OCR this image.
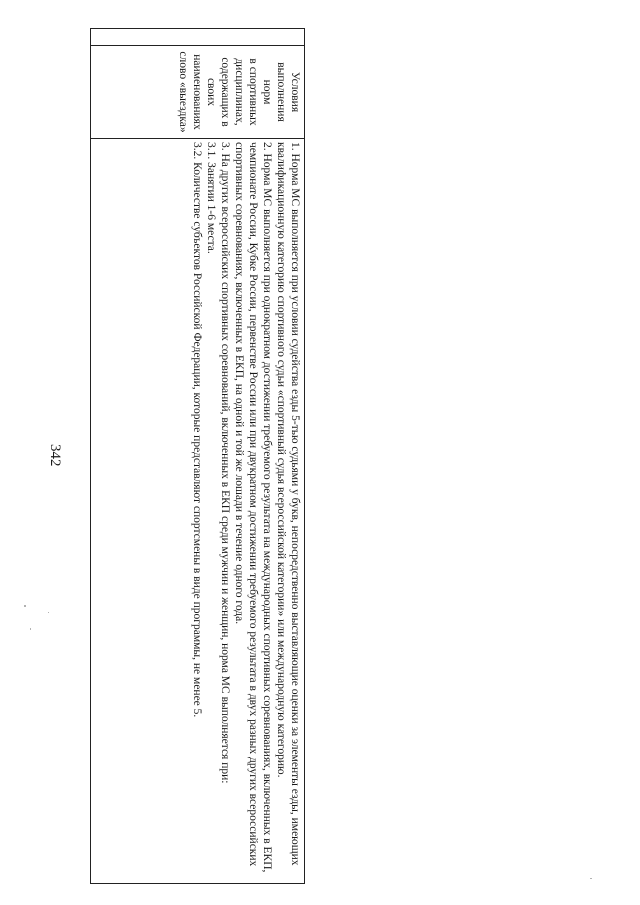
342

Условия
выполнения норм
в спортивных
дисциплинах,
содержащих в
своих
наименованиях
слово «выездка»

1. Норма МС выполняется при условии судейства езды 5-тью судьями у букв, непосредственно выставляющие оценки за элементы езды, имеющих квалификационную категорию спортивного судьи «спортивный судья всероссийской категории» или международную категорию.
2. Норма МС выполняется при однократном достижении требуемого результата на международных спортивных соревнованиях, включенных в ЕКП, чемпионате России, Кубке России, первенстве России или при двукратном достижении требуемого результата в двух разных других всероссийских спортивных соревнованиях, включенных в ЕКП, на одной и той же лошади в течение одного года.
3. На других всероссийских спортивных соревнований, включенных в ЕКП среди мужчин и женщин, норма МС выполняется при:
3.1. Занятии 1-6 места.
3.2. Количестве субъектов Российской Федерации, которые представляют спортсмены в виде программы, не менее 5.
